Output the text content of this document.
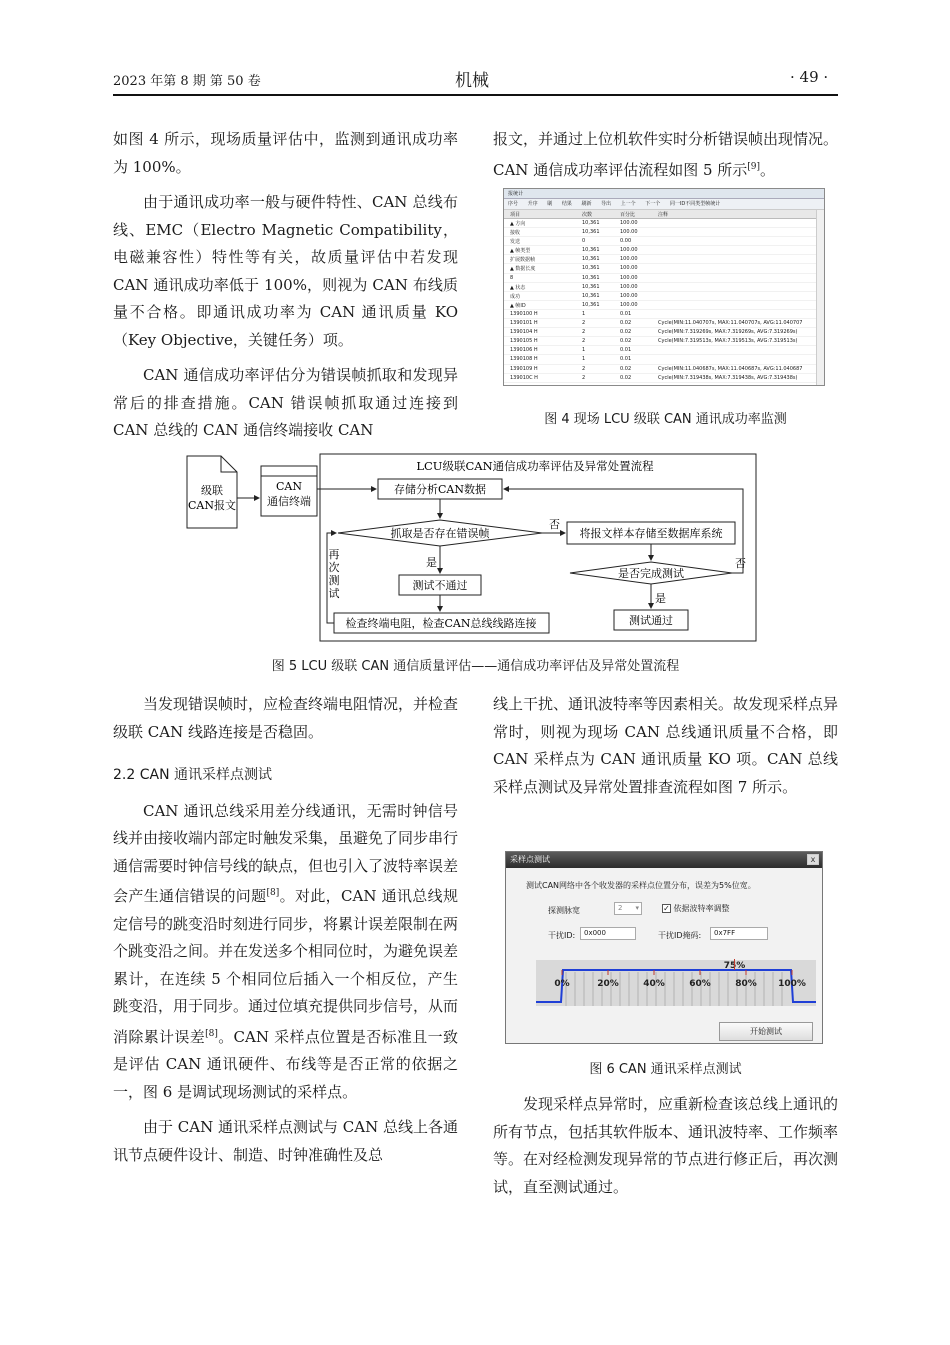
2023 年第 8 期 第 50 卷	机械	· 49 ·

如图 4 所示，现场质量评估中，监测到通讯成功率为 100%。

由于通讯成功率一般与硬件特性、CAN 总线布线、EMC（Electro Magnetic Compatibility，电磁兼容性）特性等有关，故质量评估中若发现 CAN 通讯成功率低于 100%，则视为 CAN 布线质量不合格。即通讯成功率为 CAN 通讯质量 KO（Key Objective，关键任务）项。

CAN 通信成功率评估分为错误帧抓取和发现异常后的排查措施。CAN 错误帧抓取通过连接到 CAN 总线的 CAN 通信终端接收 CAN

报文，并通过上位机软件实时分析错误帧出现情况。CAN 通信成功率评估流程如图 5 所示[9]。

报统计
序号 升序 刷 结果 刷新 导出 上一个 下一个 同一ID不同类型帧统计
项目	次数	百分比	注释
▲ 方向	10,361	100.00
接收	10,361	100.00
发送	0	0.00
▲ 帧类型	10,361	100.00
扩展数据帧	10,361	100.00
▲ 数据长度	10,361	100.00
8	10,361	100.00
▲ 状态	10,361	100.00
成功	10,361	100.00
▲ 帧ID	10,361	100.00
1390100 H	1	0.01
1390101 H	2	0.02	Cycle(MIN:11.040707s, MAX:11.040707s, AVG:11.040707
1390104 H	2	0.02	Cycle(MIN:7.319269s, MAX:7.319269s, AVG:7.319269s)
1390105 H	2	0.02	Cycle(MIN:7.319513s, MAX:7.319513s, AVG:7.319513s)
1390106 H	1	0.01
1390108 H	1	0.01
1390109 H	2	0.02	Cycle(MIN:11.040687s, MAX:11.040687s, AVG:11.040687
139010C H	2	0.02	Cycle(MIN:7.319438s, MAX:7.319438s, AVG:7.319438s)
图 4 现场 LCU 级联 CAN 通讯成功率监测
级联
CAN报文
CAN
通信终端
LCU级联CAN通信成功率评估及异常处置流程
存储分析CAN数据
抓取是否存在错误帧
否
将报文样本存储至数据库系统
是否完成测试
否
是
测试通过
是
测试不通过
检查终端电阻，检查CAN总线线路连接
再
次
测
试
图 5 LCU 级联 CAN 通信质量评估——通信成功率评估及异常处置流程

当发现错误帧时，应检查终端电阻情况，并检查级联 CAN 线路连接是否稳固。

2.2 CAN 通讯采样点测试

CAN 通讯总线采用差分线通讯，无需时钟信号线并由接收端内部定时触发采集，虽避免了同步串行通信需要时钟信号线的缺点，但也引入了波特率误差会产生通信错误的问题[8]。对此，CAN 通讯总线规定信号的跳变沿时刻进行同步，将累计误差限制在两个跳变沿之间。并在发送多个相同位时，为避免误差累计，在连续 5 个相同位后插入一个相反位，产生跳变沿，用于同步。通过位填充提供同步信号，从而消除累计误差[8]。CAN 采样点位置是否标准且一致是评估 CAN 通讯硬件、布线等是否正常的依据之一，图 6 是调试现场测试的采样点。

由于 CAN 通讯采样点测试与 CAN 总线上各通讯节点硬件设计、制造、时钟准确性及总

线上干扰、通讯波特率等因素相关。故发现采样点异常时，则视为现场 CAN 总线通讯质量不合格，即 CAN 采样点为 CAN 通讯质量 KO 项。CAN 总线采样点测试及异常处置排查流程如图 7 所示。

采样点测试	x
测试CAN网络中各个收发器的采样点位置分布，误差为5%位宽。
探测脉宽	2 ▾	✓ 依据波特率调整
干扰ID:	0x000	干扰ID掩码:	0x7FF
0%	20%	40%	60%	80% 100%
75%
开始测试
图 6 CAN 通讯采样点测试

发现采样点异常时，应重新检查该总线上通讯的所有节点，包括其软件版本、通讯波特率、工作频率等。在对经检测发现异常的节点进行修正后，再次测试，直至测试通过。
